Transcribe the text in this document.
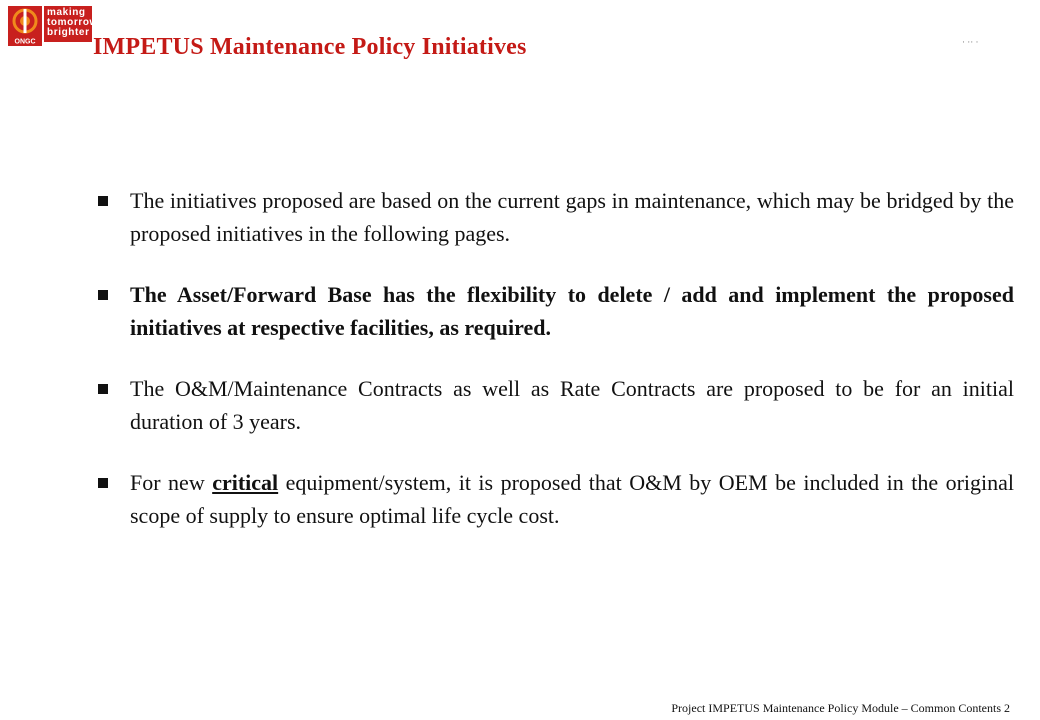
ONGC
making
tomorrow
brighter
IMPETUS Maintenance Policy Initiatives	· ·· ·
The initiatives proposed are based on the current gaps in maintenance, which may be bridged by the proposed initiatives in the following pages.
The Asset/Forward Base has the flexibility to delete / add and implement the proposed initiatives at respective facilities, as required.
The O&M/Maintenance Contracts as well as Rate Contracts are proposed to be for an initial duration of 3 years.
For new critical equipment/system, it is proposed that O&M by OEM be included in the original scope of supply to ensure optimal life cycle cost.
Project IMPETUS Maintenance Policy Module – Common Contents 2
